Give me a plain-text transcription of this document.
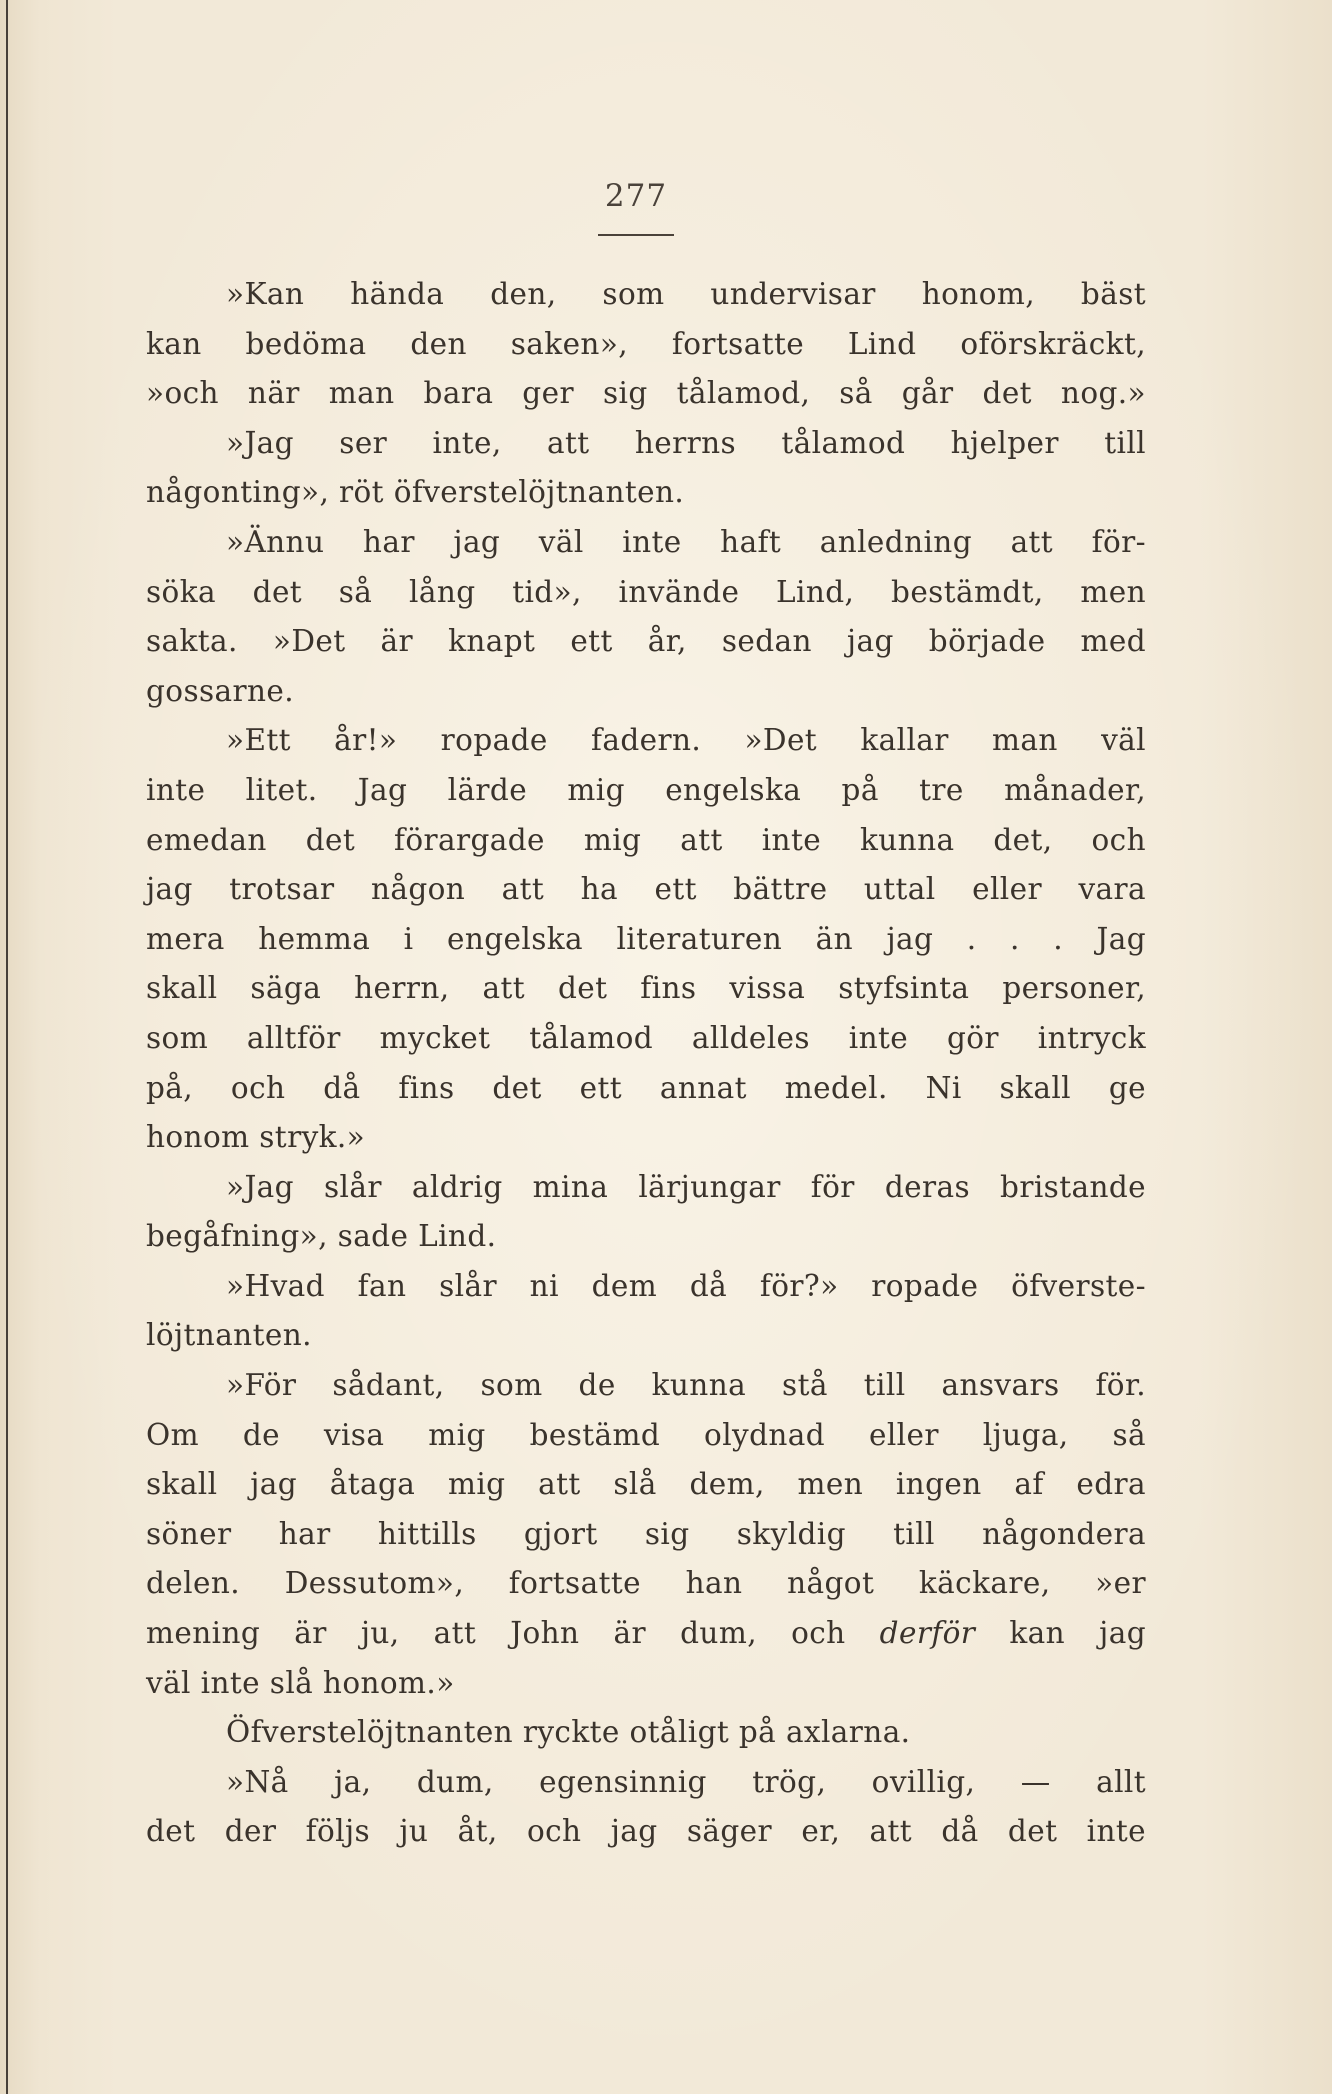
277
»Kan hända den, som undervisar honom, bäst
kan bedöma den saken», fortsatte Lind oförskräckt,
»och när man bara ger sig tålamod, så går det nog.»
»Jag ser inte, att herrns tålamod hjelper till
någonting», röt öfverstelöjtnanten.
»Ännu har jag väl inte haft anledning att för-
söka det så lång tid», invände Lind, bestämdt, men
sakta. »Det är knapt ett år, sedan jag började med
gossarne.
»Ett år!» ropade fadern. »Det kallar man väl
inte litet. Jag lärde mig engelska på tre månader,
emedan det förargade mig att inte kunna det, och
jag trotsar någon att ha ett bättre uttal eller vara
mera hemma i engelska literaturen än jag . . . Jag
skall säga herrn, att det fins vissa styfsinta personer,
som alltför mycket tålamod alldeles inte gör intryck
på, och då fins det ett annat medel. Ni skall ge
honom stryk.»
»Jag slår aldrig mina lärjungar för deras bristande
begåfning», sade Lind.
»Hvad fan slår ni dem då för?» ropade öfverste-
löjtnanten.
»För sådant, som de kunna stå till ansvars för.
Om de visa mig bestämd olydnad eller ljuga, så
skall jag åtaga mig att slå dem, men ingen af edra
söner har hittills gjort sig skyldig till någondera
delen. Dessutom», fortsatte han något käckare, »er
mening är ju, att John är dum, och derför kan jag
väl inte slå honom.»
Öfverstelöjtnanten ryckte otåligt på axlarna.
»Nå ja, dum, egensinnig trög, ovillig, — allt
det der följs ju åt, och jag säger er, att då det inte
